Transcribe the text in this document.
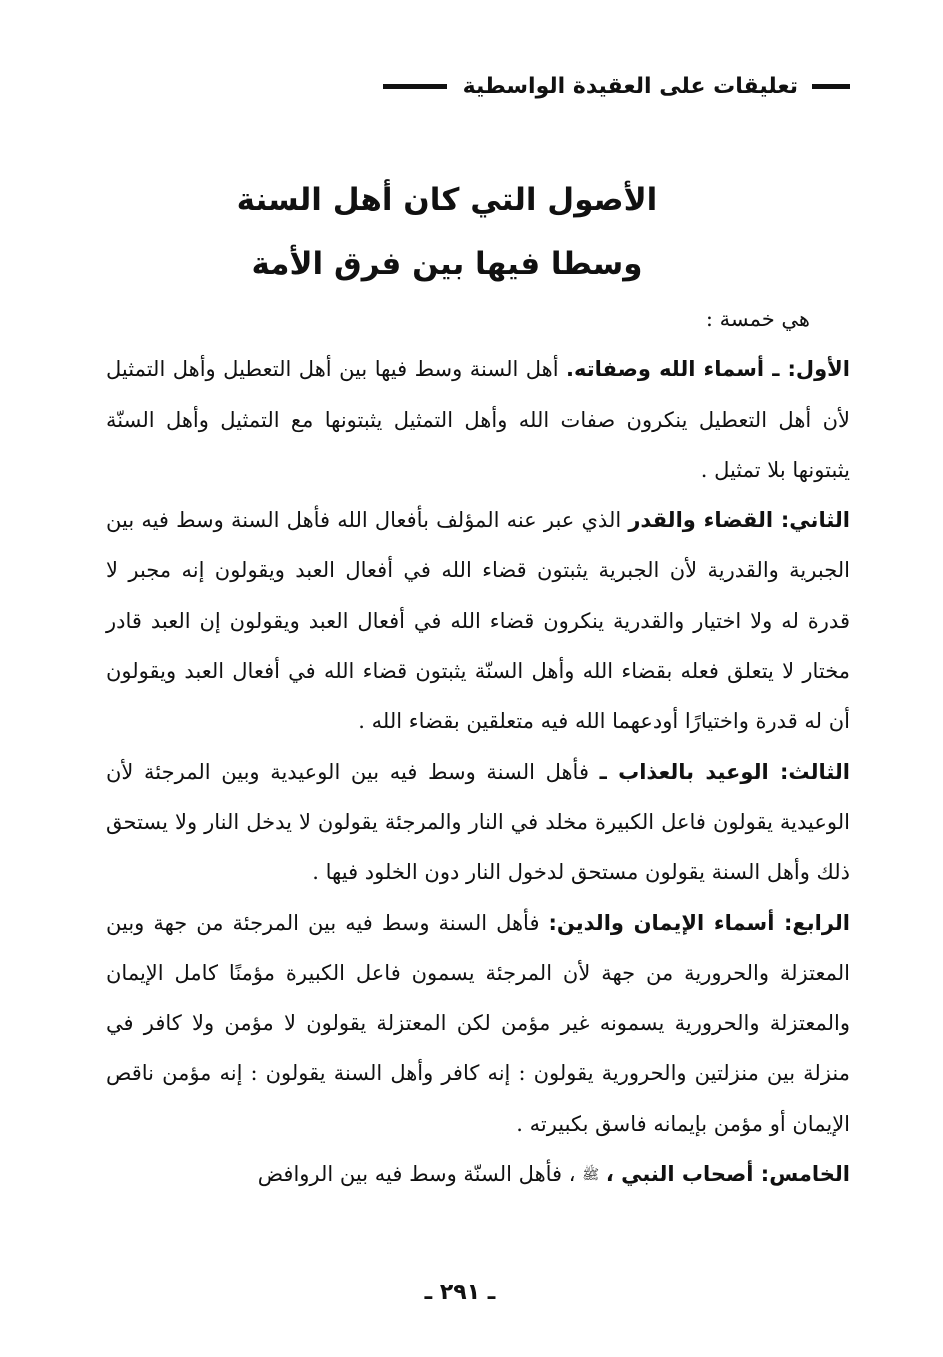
تعليقات على العقيدة الواسطية
الأصول التي كان أهل السنة
وسطا فيها بين فرق الأمة

هي خمسة :

الأول: ـ أسماء الله وصفاته. أهل السنة وسط فيها بين أهل التعطيل وأهل التمثيل لأن أهل التعطيل ينكرون صفات الله وأهل التمثيل يثبتونها مع التمثيل وأهل السنّة يثبتونها بلا تمثيل .

الثاني: القضاء والقدر الذي عبر عنه المؤلف بأفعال الله فأهل السنة وسط فيه بين الجبرية والقدرية لأن الجبرية يثبتون قضاء الله في أفعال العبد ويقولون إنه مجبر لا قدرة له ولا اختيار والقدرية ينكرون قضاء الله في أفعال العبد ويقولون إن العبد قادر مختار لا يتعلق فعله بقضاء الله وأهل السنّة يثبتون قضاء الله في أفعال العبد ويقولون أن له قدرة واختيارًا أودعهما الله فيه متعلقين بقضاء الله .

الثالث: الوعيد بالعذاب ـ فأهل السنة وسط فيه بين الوعيدية وبين المرجئة لأن الوعيدية يقولون فاعل الكبيرة مخلد في النار والمرجئة يقولون لا يدخل النار ولا يستحق ذلك وأهل السنة يقولون مستحق لدخول النار دون الخلود فيها .

الرابع: أسماء الإيمان والدين: فأهل السنة وسط فيه بين المرجئة من جهة وبين المعتزلة والحرورية من جهة لأن المرجئة يسمون فاعل الكبيرة مؤمنًا كامل الإيمان والمعتزلة والحرورية يسمونه غير مؤمن لكن المعتزلة يقولون لا مؤمن ولا كافر في منزلة بين منزلتين والحرورية يقولون : إنه كافر وأهل السنة يقولون : إنه مؤمن ناقص الإيمان أو مؤمن بإيمانه فاسق بكبيرته .

الخامس: أصحاب النبي ، ﷺ ، فأهل السنّة وسط فيه بين الروافض

ـ ٢٩١ ـ
